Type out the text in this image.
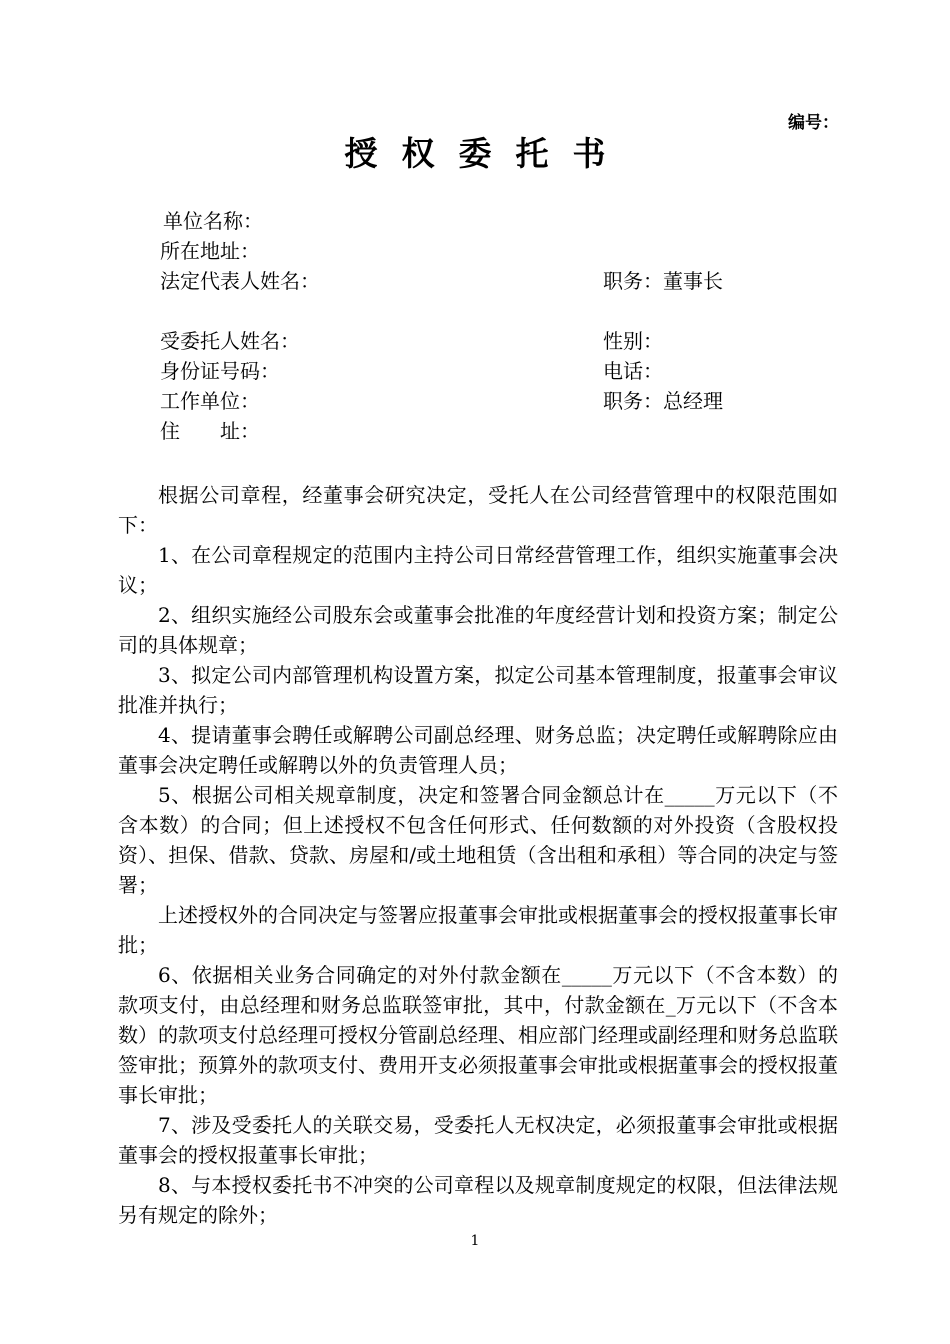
编号：
授权委托书
单位名称：
所在地址：
法定代表人姓名：	职务：董事长
受委托人姓名：	性别：
身份证号码：	电话：
工作单位：	职务：总经理
住　　址：

根据公司章程，经董事会研究决定，受托人在公司经营管理中的权限范围如下：

1、在公司章程规定的范围内主持公司日常经营管理工作，组织实施董事会决议；

2、组织实施经公司股东会或董事会批准的年度经营计划和投资方案；制定公司的具体规章；

3、拟定公司内部管理机构设置方案，拟定公司基本管理制度，报董事会审议批准并执行；

4、提请董事会聘任或解聘公司副总经理、财务总监；决定聘任或解聘除应由董事会决定聘任或解聘以外的负责管理人员；

5、根据公司相关规章制度，决定和签署合同金额总计在_____万元以下（不含本数）的合同；但上述授权不包含任何形式、任何数额的对外投资（含股权投资）、担保、借款、贷款、房屋和/或土地租赁（含出租和承租）等合同的决定与签署；

上述授权外的合同决定与签署应报董事会审批或根据董事会的授权报董事长审批；

6、依据相关业务合同确定的对外付款金额在_____万元以下（不含本数）的款项支付，由总经理和财务总监联签审批，其中，付款金额在_万元以下（不含本数）的款项支付总经理可授权分管副总经理、相应部门经理或副经理和财务总监联签审批；预算外的款项支付、费用开支必须报董事会审批或根据董事会的授权报董事长审批；

7、涉及受委托人的关联交易，受委托人无权决定，必须报董事会审批或根据董事会的授权报董事长审批；

8、与本授权委托书不冲突的公司章程以及规章制度规定的权限，但法律法规另有规定的除外；

1
